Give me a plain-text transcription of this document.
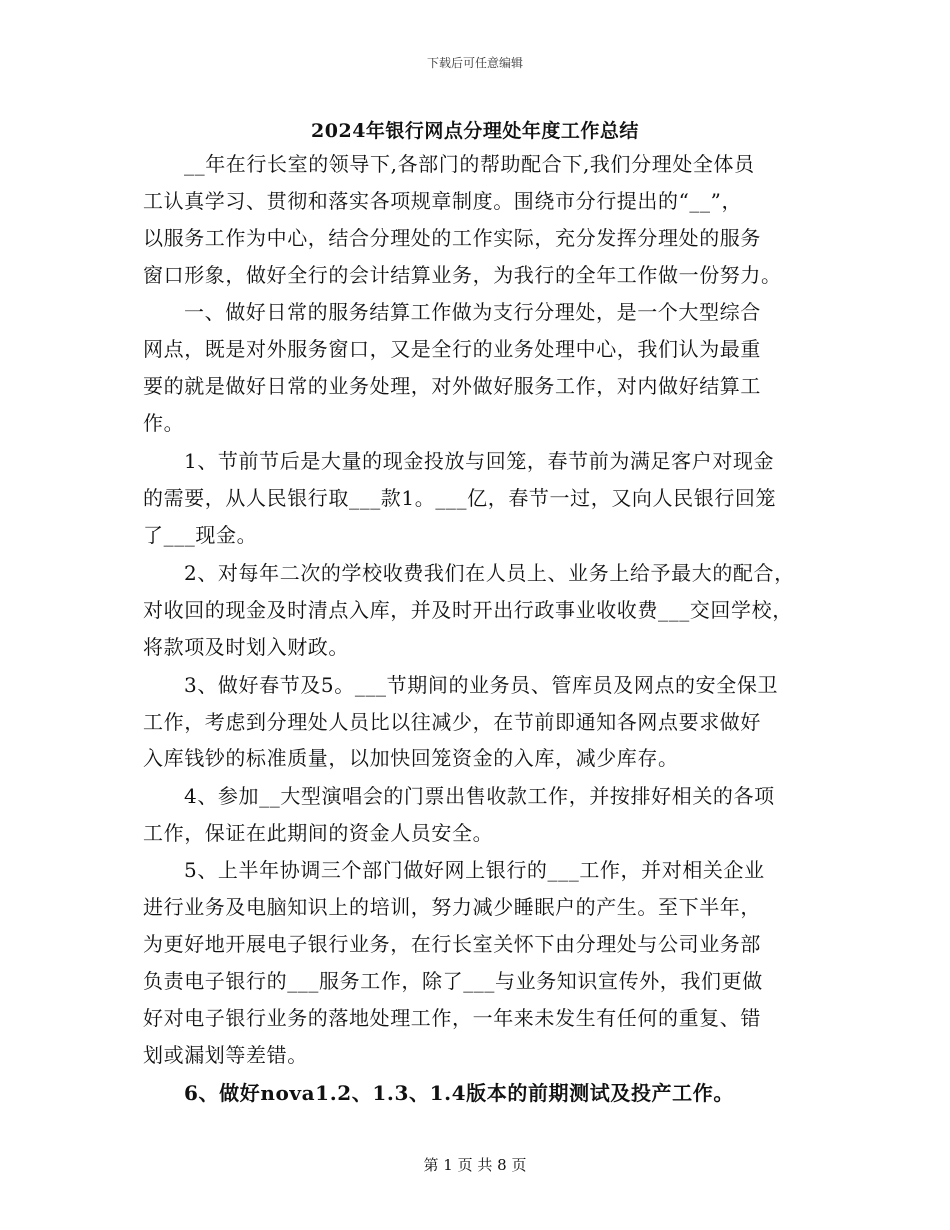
下载后可任意编辑
2024年银行网点分理处年度工作总结
__年在行长室的领导下,各部门的帮助配合下,我们分理处全体员
工认真学习、贯彻和落实各项规章制度。围绕市分行提出的“__”，
以服务工作为中心，结合分理处的工作实际，充分发挥分理处的服务
窗口形象，做好全行的会计结算业务，为我行的全年工作做一份努力。
一、做好日常的服务结算工作做为支行分理处，是一个大型综合
网点，既是对外服务窗口，又是全行的业务处理中心，我们认为最重
要的就是做好日常的业务处理，对外做好服务工作，对内做好结算工
作。
1、节前节后是大量的现金投放与回笼，春节前为满足客户对现金
的需要，从人民银行取___款1。___亿，春节一过，又向人民银行回笼
了___现金。
2、对每年二次的学校收费我们在人员上、业务上给予最大的配合，
对收回的现金及时清点入库，并及时开出行政事业收收费___交回学校，
将款项及时划入财政。
3、做好春节及5。___节期间的业务员、管库员及网点的安全保卫
工作，考虑到分理处人员比以往减少，在节前即通知各网点要求做好
入库钱钞的标准质量，以加快回笼资金的入库，减少库存。
4、参加__大型演唱会的门票出售收款工作，并按排好相关的各项
工作，保证在此期间的资金人员安全。
5、上半年协调三个部门做好网上银行的___工作，并对相关企业
进行业务及电脑知识上的培训，努力减少睡眠户的产生。至下半年，
为更好地开展电子银行业务，在行长室关怀下由分理处与公司业务部
负责电子银行的___服务工作，除了___与业务知识宣传外，我们更做
好对电子银行业务的落地处理工作，一年来未发生有任何的重复、错
划或漏划等差错。
6、做好nova1.2、1.3、1.4版本的前期测试及投产工作。
第 1 页 共 8 页
